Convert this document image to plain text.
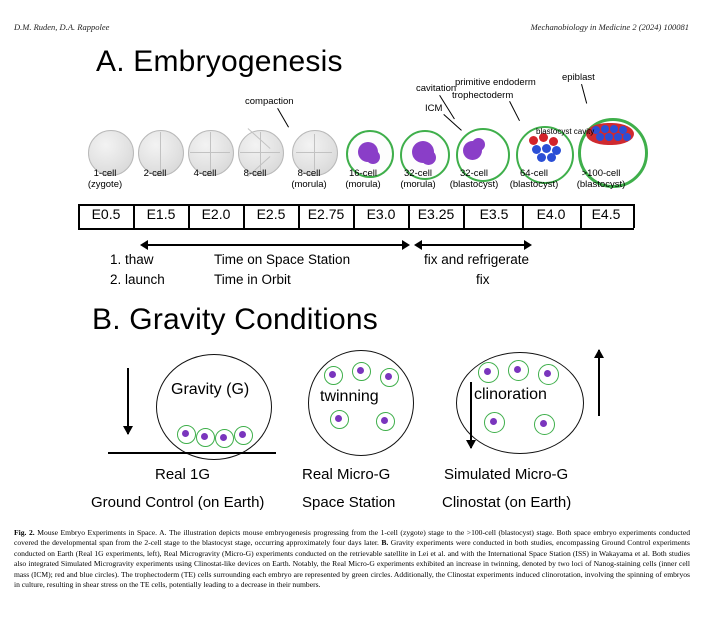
D.M. Ruden, D.A. Rappolee	Mechanobiology in Medicine 2 (2024) 100081
A. Embryogenesis
compaction
cavitation
ICM
primitive endoderm
trophectoderm
epiblast
blastocyst cavity
1-cell
(zygote)
2-cell	4-cell	8-cell	8-cell
(morula)
16-cell
(morula)
32-cell
(morula)
32-cell
(blastocyst)
64-cell
(blastocyst)
>100-cell
(blastocyst)
E0.5	E1.5	E2.0	E2.5	E2.75	E3.0	E3.25	E3.5	E4.0	E4.5
1. thaw
2. launch
Time on Space Station
Time in Orbit
fix and refrigerate
fix
B. Gravity Conditions
Gravity (G)	twinning	clinoration
Real 1G	Real Micro-G	Simulated Micro-G
Ground Control (on Earth)	Space Station	Clinostat (on Earth)
Fig. 2. Mouse Embryo Experiments in Space. A. The illustration depicts mouse embryogenesis progressing from the 1-cell (zygote) stage to the >100-cell (blastocyst) stage. Both space embryo experiments conducted covered the developmental span from the 2-cell stage to the blastocyst stage, occurring approximately four days later. B. Gravity experiments were conducted in both studies, encompassing Ground Control experiments conducted on Earth (Real 1G experiments, left), Real Microgravity (Micro-G) experiments conducted on the retrievable satellite in Lei et al. and with the International Space Station (ISS) in Wakayama et al. Both studies also integrated Simulated Microgravity experiments using Clinostat-like devices on Earth. Notably, the Real Micro-G experiments exhibited an increase in twinning, denoted by two loci of Nanog-staining cells (inner cell mass (ICM); red and blue circles). The trophectoderm (TE) cells surrounding each embryo are represented by green circles. Additionally, the Clinostat experiments induced clinorotation, involving the spinning of embryos in culture, resulting in shear stress on the TE cells, potentially leading to a decrease in their numbers.
